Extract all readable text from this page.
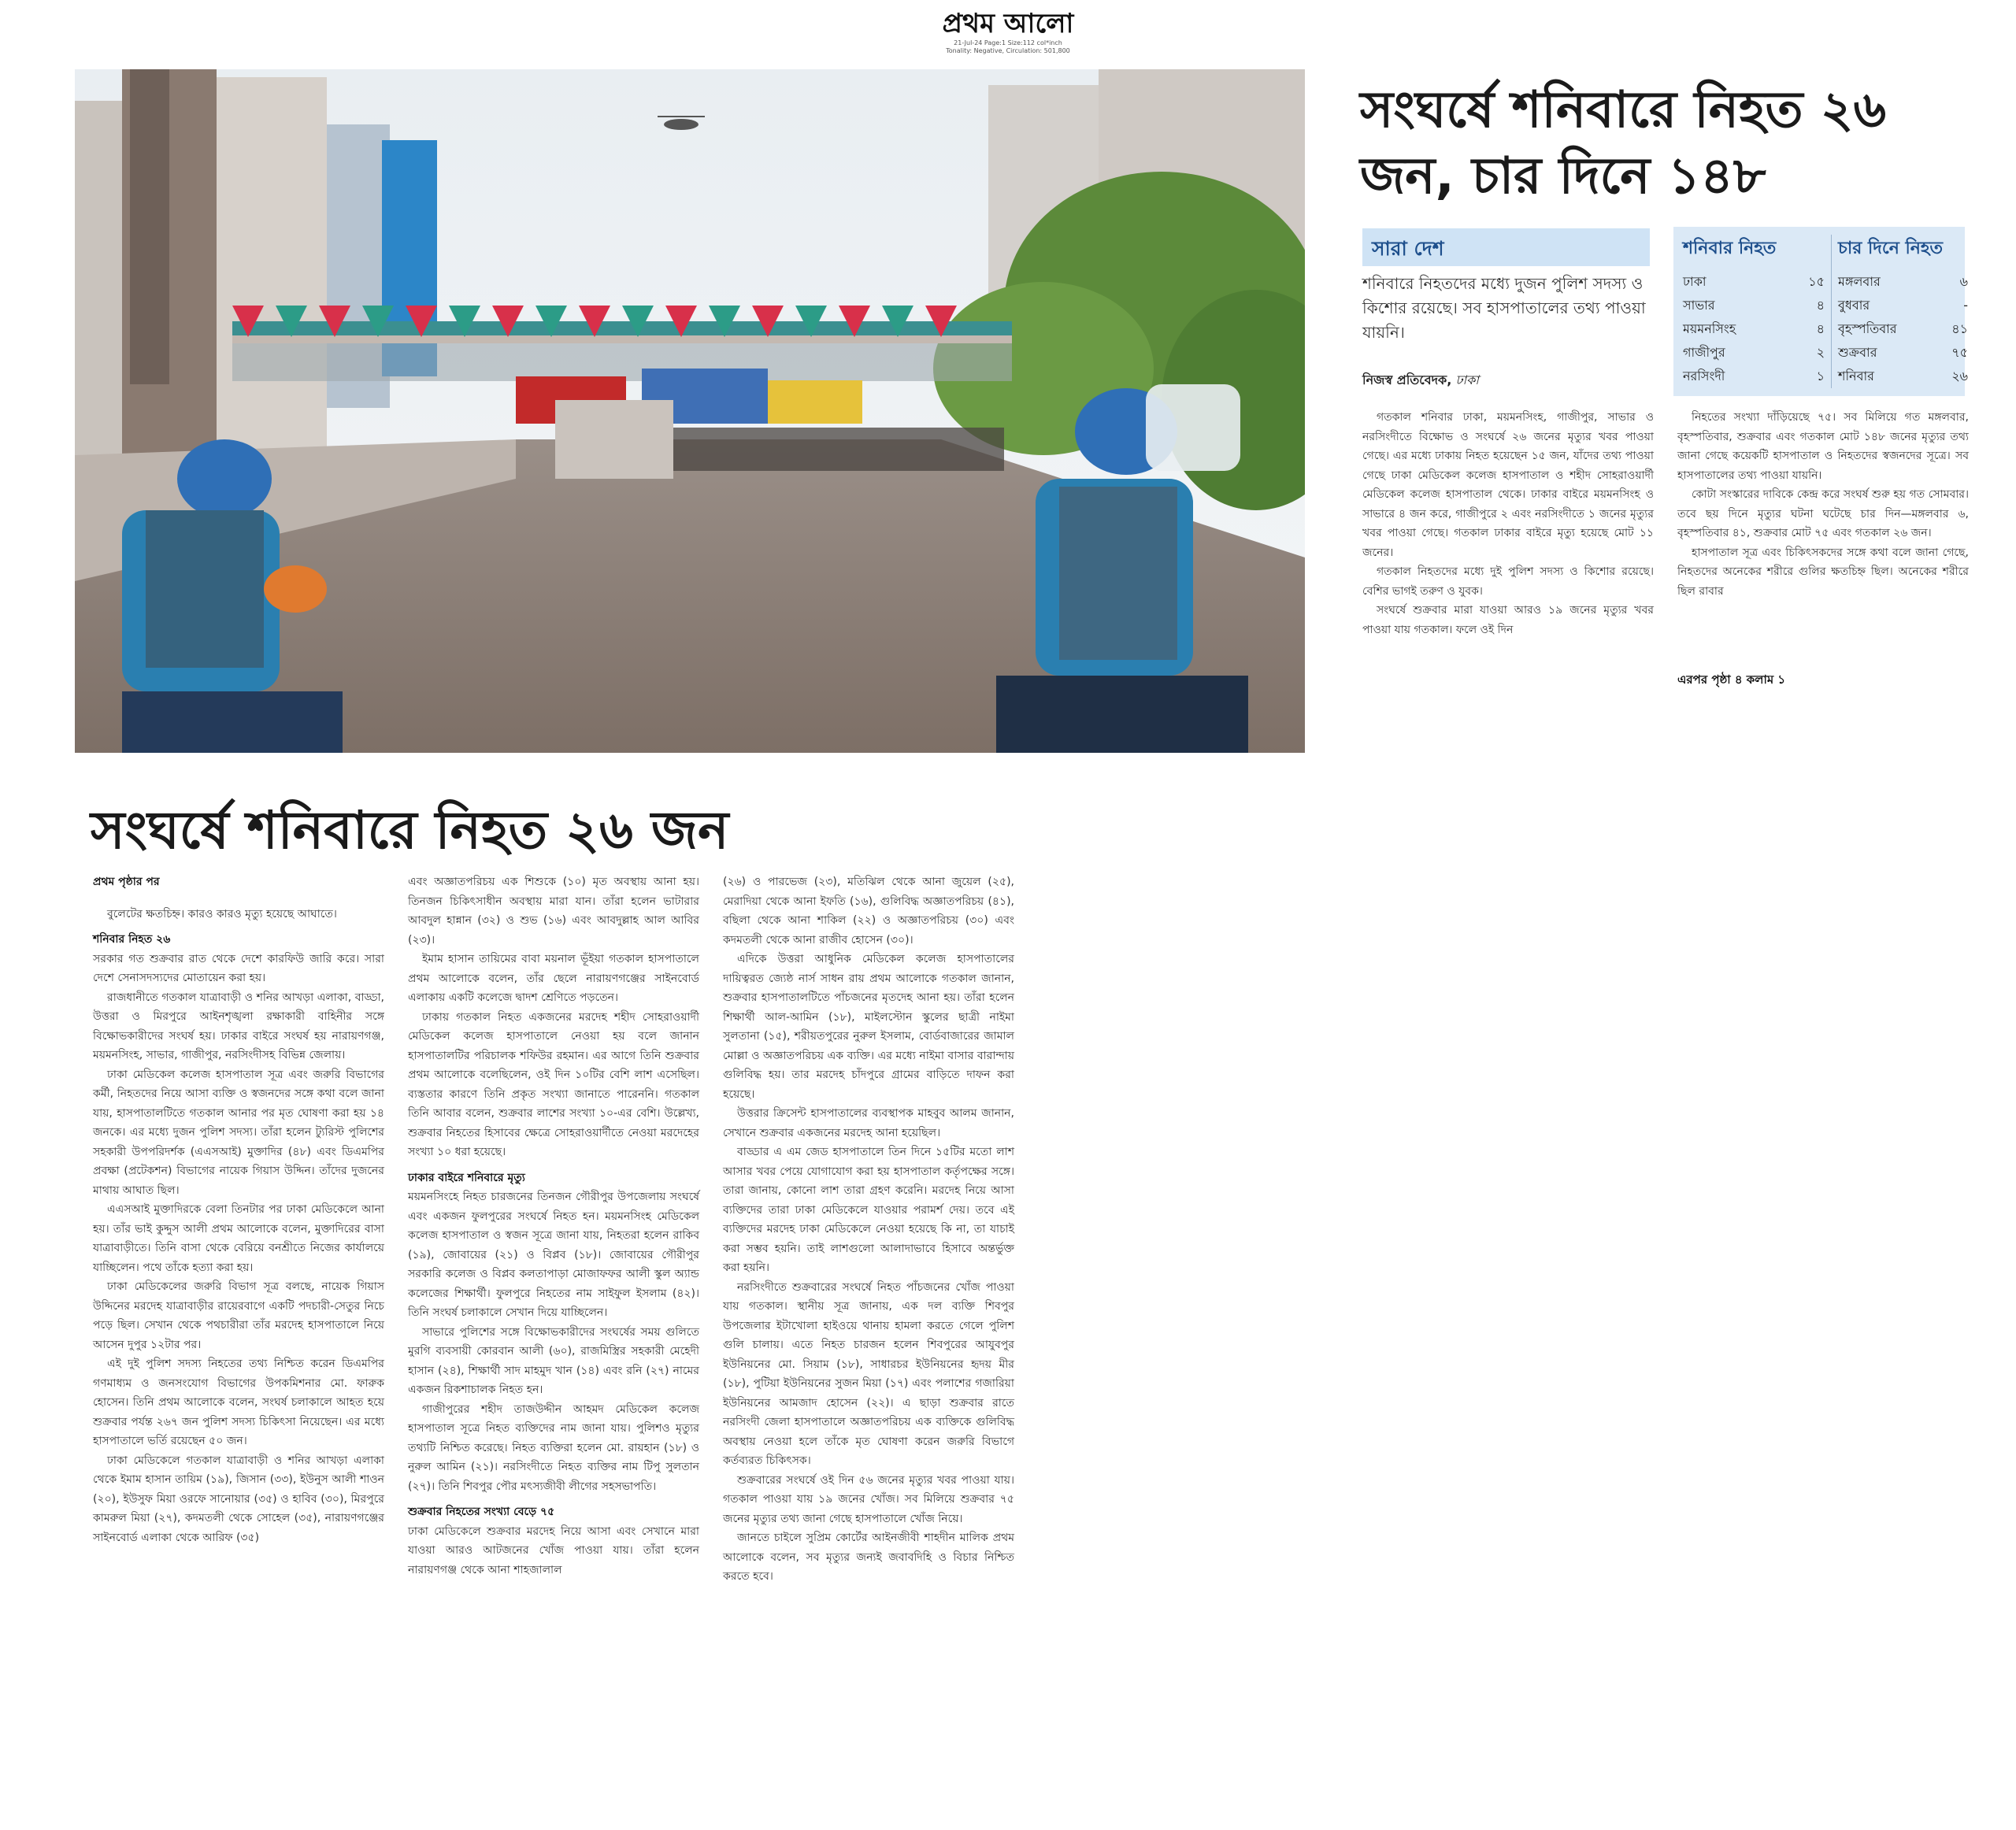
প্রথম আলো
21-Jul-24 Page:1 Size:112 col*inch
Tonality: Negative, Circulation: 501,800
সংঘর্ষে শনিবারে নিহত ২৬ জন, চার দিনে ১৪৮
সারা দেশ
শনিবারে নিহতদের মধ্যে দুজন পুলিশ সদস্য ও কিশোর রয়েছে। সব হাসপাতালের তথ্য পাওয়া যায়নি।
নিজস্ব প্রতিবেদক, ঢাকা
শনিবার নিহত
ঢাকা	১৫
সাভার	৪
ময়মনসিংহ	৪
গাজীপুর	২
নরসিংদী	১
চার দিনে নিহত
মঙ্গলবার	৬
বুধবার	-
বৃহস্পতিবার	৪১
শুক্রবার	৭৫
শনিবার	২৬

গতকাল শনিবার ঢাকা, ময়মনসিংহ, গাজীপুর, সাভার ও নরসিংদীতে বিক্ষোভ ও সংঘর্ষে ২৬ জনের মৃত্যুর খবর পাওয়া গেছে। এর মধ্যে ঢাকায় নিহত হয়েছেন ১৫ জন, যাঁদের তথ্য পাওয়া গেছে ঢাকা মেডিকেল কলেজ হাসপাতাল ও শহীদ সোহরাওয়ার্দী মেডিকেল কলেজ হাসপাতাল থেকে। ঢাকার বাইরে ময়মনসিংহ ও সাভারে ৪ জন করে, গাজীপুরে ২ এবং নরসিংদীতে ১ জনের মৃত্যুর খবর পাওয়া গেছে। গতকাল ঢাকার বাইরে মৃত্যু হয়েছে মোট ১১ জনের।

গতকাল নিহতদের মধ্যে দুই পুলিশ সদস্য ও কিশোর রয়েছে। বেশির ভাগই তরুণ ও যুবক।

সংঘর্ষে শুক্রবার মারা যাওয়া আরও ১৯ জনের মৃত্যুর খবর পাওয়া যায় গতকাল। ফলে ওই দিন

নিহতের সংখ্যা দাঁড়িয়েছে ৭৫। সব মিলিয়ে গত মঙ্গলবার, বৃহস্পতিবার, শুক্রবার এবং গতকাল মোট ১৪৮ জনের মৃত্যুর তথ্য জানা গেছে কয়েকটি হাসপাতাল ও নিহতদের স্বজনদের সূত্রে। সব হাসপাতালের তথ্য পাওয়া যায়নি।

কোটা সংস্কারের দাবিকে কেন্দ্র করে সংঘর্ষ শুরু হয় গত সোমবার। তবে ছয় দিনে মৃত্যুর ঘটনা ঘটেছে চার দিন—মঙ্গলবার ৬, বৃহস্পতিবার ৪১, শুক্রবার মোট ৭৫ এবং গতকাল ২৬ জন।

হাসপাতাল সূত্র এবং চিকিৎসকদের সঙ্গে কথা বলে জানা গেছে, নিহতদের অনেকের শরীরে গুলির ক্ষতচিহ্ন ছিল। অনেকের শরীরে ছিল রাবার

এরপর পৃষ্ঠা ৪ কলাম ১
সংঘর্ষে শনিবারে নিহত ২৬ জন

প্রথম পৃষ্ঠার পর

বুলেটের ক্ষতচিহ্ন। কারও কারও মৃত্যু হয়েছে আঘাতে।

শনিবার নিহত ২৬

সরকার গত শুক্রবার রাত থেকে দেশে কারফিউ জারি করে। সারা দেশে সেনাসদস্যদের মোতায়েন করা হয়।

রাজধানীতে গতকাল যাত্রাবাড়ী ও শনির আখড়া এলাকা, বাড্ডা, উত্তরা ও মিরপুরে আইনশৃঙ্খলা রক্ষাকারী বাহিনীর সঙ্গে বিক্ষোভকারীদের সংঘর্ষ হয়। ঢাকার বাইরে সংঘর্ষ হয় নারায়ণগঞ্জ, ময়মনসিংহ, সাভার, গাজীপুর, নরসিংদীসহ বিভিন্ন জেলায়।

ঢাকা মেডিকেল কলেজ হাসপাতাল সূত্র এবং জরুরি বিভাগের কর্মী, নিহতদের নিয়ে আসা ব্যক্তি ও স্বজনদের সঙ্গে কথা বলে জানা যায়, হাসপাতালটিতে গতকাল আনার পর মৃত ঘোষণা করা হয় ১৪ জনকে। এর মধ্যে দুজন পুলিশ সদস্য। তাঁরা হলেন ট্যুরিস্ট পুলিশের সহকারী উপপরিদর্শক (এএসআই) মুক্তাদির (৪৮) এবং ডিএমপির প্রবক্ষা (প্রটেকশন) বিভাগের নায়েক গিয়াস উদ্দিন। তাঁদের দুজনের মাথায় আঘাত ছিল।

এএসআই মুক্তাদিরকে বেলা তিনটার পর ঢাকা মেডিকেলে আনা হয়। তাঁর ভাই কুদ্দুস আলী প্রথম আলোকে বলেন, মুক্তাদিরের বাসা যাত্রাবাড়ীতে। তিনি বাসা থেকে বেরিয়ে বনশ্রীতে নিজের কার্যালয়ে যাচ্ছিলেন। পথে তাঁকে হত্যা করা হয়।

ঢাকা মেডিকেলের জরুরি বিভাগ সূত্র বলছে, নায়েক গিয়াস উদ্দিনের মরদেহ যাত্রাবাড়ীর রায়েরবাগে একটি পদচারী-সেতুর নিচে পড়ে ছিল। সেখান থেকে পথচারীরা তাঁর মরদেহ হাসপাতালে নিয়ে আসেন দুপুর ১২টার পর।

এই দুই পুলিশ সদস্য নিহতের তথ্য নিশ্চিত করেন ডিএমপির গণমাধ্যম ও জনসংযোগ বিভাগের উপকমিশনার মো. ফারুক হোসেন। তিনি প্রথম আলোকে বলেন, সংঘর্ষ চলাকালে আহত হয়ে শুক্রবার পর্যন্ত ২৬৭ জন পুলিশ সদস্য চিকিৎসা নিয়েছেন। এর মধ্যে হাসপাতালে ভর্তি রয়েছেন ৫০ জন।

ঢাকা মেডিকেলে গতকাল যাত্রাবাড়ী ও শনির আখড়া এলাকা থেকে ইমাম হাসান তায়িম (১৯), জিসান (৩৩), ইউনুস আলী শাওন (২০), ইউসুফ মিয়া ওরফে সানোয়ার (৩৫) ও হাবিব (৩০), মিরপুরে কামরুল মিয়া (২৭), কদমতলী থেকে সোহেল (৩৫), নারায়ণগঞ্জের সাইনবোর্ড এলাকা থেকে আরিফ (৩৫)

এবং অজ্ঞাতপরিচয় এক শিশুকে (১০) মৃত অবস্থায় আনা হয়। তিনজন চিকিৎসাধীন অবস্থায় মারা যান। তাঁরা হলেন ভাটারার আবদুল হান্নান (৩২) ও শুভ (১৬) এবং আবদুল্লাহ আল আবির (২৩)।

ইমাম হাসান তায়িমের বাবা ময়নাল ভূঁইয়া গতকাল হাসপাতালে প্রথম আলোকে বলেন, তাঁর ছেলে নারায়ণগঞ্জের সাইনবোর্ড এলাকায় একটি কলেজে দ্বাদশ শ্রেণিতে পড়তেন।

ঢাকায় গতকাল নিহত একজনের মরদেহ শহীদ সোহরাওয়ার্দী মেডিকেল কলেজ হাসপাতালে নেওয়া হয় বলে জানান হাসপাতালটির পরিচালক শফিউর রহমান। এর আগে তিনি শুক্রবার প্রথম আলোকে বলেছিলেন, ওই দিন ১০টির বেশি লাশ এসেছিল। ব্যস্ততার কারণে তিনি প্রকৃত সংখ্যা জানাতে পারেননি। গতকাল তিনি আবার বলেন, শুক্রবার লাশের সংখ্যা ১০-এর বেশি। উল্লেখ্য, শুক্রবার নিহতের হিসাবের ক্ষেত্রে সোহরাওয়ার্দীতে নেওয়া মরদেহের সংখ্যা ১০ ধরা হয়েছে।

ঢাকার বাইরে শনিবারে মৃত্যু

ময়মনসিংহে নিহত চারজনের তিনজন গৌরীপুর উপজেলায় সংঘর্ষে এবং একজন ফুলপুরের সংঘর্ষে নিহত হন। ময়মনসিংহ মেডিকেল কলেজ হাসপাতাল ও স্বজন সূত্রে জানা যায়, নিহতরা হলেন রাকিব (১৯), জোবায়ের (২১) ও বিপ্লব (১৮)। জোবায়ের গৌরীপুর সরকারি কলেজ ও বিপ্লব কলতাপাড়া মোজাফফর আলী স্কুল অ্যান্ড কলেজের শিক্ষার্থী। ফুলপুরে নিহতের নাম সাইফুল ইসলাম (৪২)। তিনি সংঘর্ষ চলাকালে সেখান দিয়ে যাচ্ছিলেন।

সাভারে পুলিশের সঙ্গে বিক্ষোভকারীদের সংঘর্ষের সময় গুলিতে মুরগি ব্যবসায়ী কোরবান আলী (৬০), রাজমিস্ত্রির সহকারী মেহেদী হাসান (২৪), শিক্ষার্থী সাদ মাহমুদ খান (১৪) এবং রনি (২৭) নামের একজন রিকশাচালক নিহত হন।

গাজীপুরের শহীদ তাজউদ্দীন আহমদ মেডিকেল কলেজ হাসপাতাল সূত্রে নিহত ব্যক্তিদের নাম জানা যায়। পুলিশও মৃত্যুর তথ্যটি নিশ্চিত করেছে। নিহত ব্যক্তিরা হলেন মো. রায়হান (১৮) ও নুরুল আমিন (২১)। নরসিংদীতে নিহত ব্যক্তির নাম টিপু সুলতান (২৭)। তিনি শিবপুর পৌর মৎস্যজীবী লীগের সহসভাপতি।

শুক্রবার নিহতের সংখ্যা বেড়ে ৭৫

ঢাকা মেডিকেলে শুক্রবার মরদেহ নিয়ে আসা এবং সেখানে মারা যাওয়া আরও আটজনের খোঁজ পাওয়া যায়। তাঁরা হলেন নারায়ণগঞ্জ থেকে আনা শাহজালাল

(২৬) ও পারভেজ (২৩), মতিঝিল থেকে আনা জুয়েল (২৫), মেরাদিয়া থেকে আনা ইফতি (১৬), গুলিবিদ্ধ অজ্ঞাতপরিচয় (৪১), বছিলা থেকে আনা শাকিল (২২) ও অজ্ঞাতপরিচয় (৩০) এবং কদমতলী থেকে আনা রাজীব হোসেন (৩০)।

এদিকে উত্তরা আধুনিক মেডিকেল কলেজ হাসপাতালের দায়িত্বরত জ্যেষ্ঠ নার্স সাধন রায় প্রথম আলোকে গতকাল জানান, শুক্রবার হাসপাতালটিতে পাঁচজনের মৃতদেহ আনা হয়। তাঁরা হলেন শিক্ষার্থী আল-আমিন (১৮), মাইলস্টোন স্কুলের ছাত্রী নাইমা সুলতানা (১৫), শরীয়তপুরের নুরুল ইসলাম, বোর্ডবাজারের জামাল মোল্লা ও অজ্ঞাতপরিচয় এক ব্যক্তি। এর মধ্যে নাইমা বাসার বারান্দায় গুলিবিদ্ধ হয়। তার মরদেহ চাঁদপুরে গ্রামের বাড়িতে দাফন করা হয়েছে।

উত্তরার ক্রিসেন্ট হাসপাতালের ব্যবস্থাপক মাহবুব আলম জানান, সেখানে শুক্রবার একজনের মরদেহ আনা হয়েছিল।

বাড্ডার এ এম জেড হাসপাতালে তিন দিনে ১৫টির মতো লাশ আসার খবর পেয়ে যোগাযোগ করা হয় হাসপাতাল কর্তৃপক্ষের সঙ্গে। তারা জানায়, কোনো লাশ তারা গ্রহণ করেনি। মরদেহ নিয়ে আসা ব্যক্তিদের তারা ঢাকা মেডিকেলে যাওয়ার পরামর্শ দেয়। তবে এই ব্যক্তিদের মরদেহ ঢাকা মেডিকেলে নেওয়া হয়েছে কি না, তা যাচাই করা সম্ভব হয়নি। তাই লাশগুলো আলাদাভাবে হিসাবে অন্তর্ভুক্ত করা হয়নি।

নরসিংদীতে শুক্রবারের সংঘর্ষে নিহত পাঁচজনের খোঁজ পাওয়া যায় গতকাল। স্থানীয় সূত্র জানায়, এক দল ব্যক্তি শিবপুর উপজেলার ইটাখোলা হাইওয়ে থানায় হামলা করতে গেলে পুলিশ গুলি চালায়। এতে নিহত চারজন হলেন শিবপুরের আযুবপুর ইউনিয়নের মো. সিয়াম (১৮), সাধারচর ইউনিয়নের হৃদয় মীর (১৮), পুটিয়া ইউনিয়নের সুজন মিয়া (১৭) এবং পলাশের গজারিয়া ইউনিয়নের আমজাদ হোসেন (২২)। এ ছাড়া শুক্রবার রাতে নরসিংদী জেলা হাসপাতালে অজ্ঞাতপরিচয় এক ব্যক্তিকে গুলিবিদ্ধ অবস্থায় নেওয়া হলে তাঁকে মৃত ঘোষণা করেন জরুরি বিভাগে কর্তব্যরত চিকিৎসক।

শুক্রবারের সংঘর্ষে ওই দিন ৫৬ জনের মৃত্যুর খবর পাওয়া যায়। গতকাল পাওয়া যায় ১৯ জনের খোঁজ। সব মিলিয়ে শুক্রবার ৭৫ জনের মৃত্যুর তথ্য জানা গেছে হাসপাতালে খোঁজ নিয়ে।

জানতে চাইলে সুপ্রিম কোর্টের আইনজীবী শাহদীন মালিক প্রথম আলোকে বলেন, সব মৃত্যুর জন্যই জবাবদিহি ও বিচার নিশ্চিত করতে হবে।
